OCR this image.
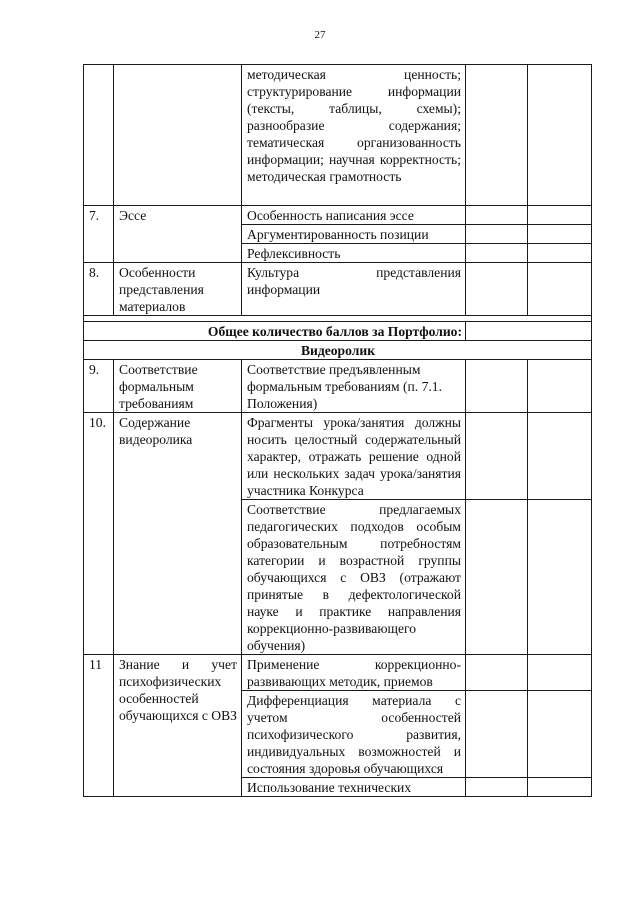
27
		методическая ценность; структурирование информации (тексты, таблицы, схемы); разнообразие содержания; тематическая организованность информации; научная корректность; методическая грамотность		
7.	Эссе	Особенность написания эссе		
		Аргументированность позиции		
		Рефлексивность		
8.	Особенности представления материалов	Культура представления информации		

Общее количество баллов за Портфолио:				
Видеоролик				
9.	Соответствие формальным требованиям	Соответствие предъявленным формальным требованиям (п. 7.1. Положения)		
10.	Содержание видеоролика	Фрагменты урока/занятия должны носить целостный содержательный характер, отражать решение одной или нескольких задач урока/занятия участника Конкурса		
		Соответствие предлагаемых педагогических подходов особым образовательным потребностям категории и возрастной группы обучающихся с ОВЗ (отражают принятые в дефектологической науке и практике направления коррекционно-развивающего обучения)		
11	Знание и учет психофизических особенностей обучающихся с ОВЗ	Применение коррекционно-развивающих методик, приемов		
		Дифференциация материала с учетом особенностей психофизического развития, индивидуальных возможностей и состояния здоровья обучающихся		
		Использование технических		
